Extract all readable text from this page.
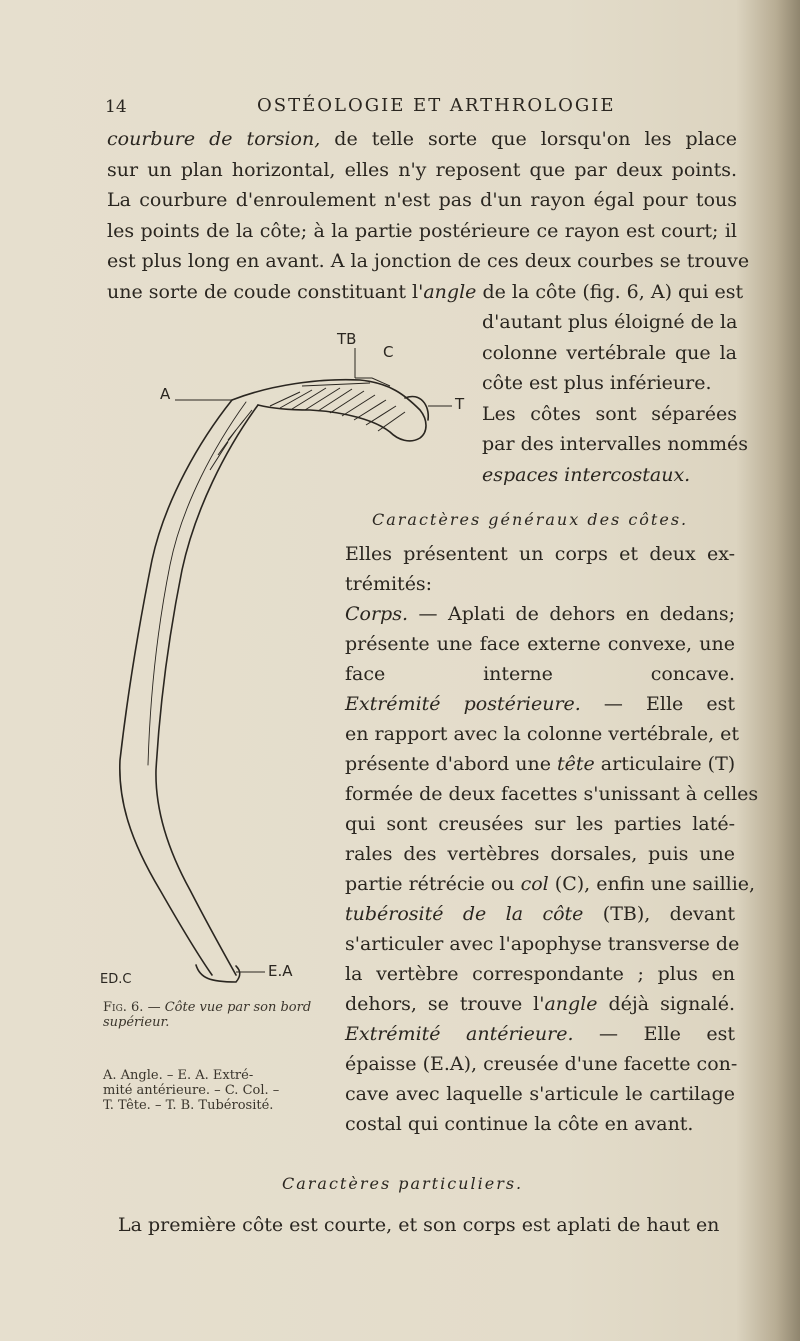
14	OSTÉOLOGIE ET ARTHROLOGIE
courbure de torsion, de telle sorte que lorsqu'on les place
sur un plan horizontal, elles n'y reposent que par deux points.
La courbure d'enroulement n'est pas d'un rayon égal pour tous
les points de la côte; à la partie postérieure ce rayon est court; il
est plus long en avant. A la jonction de ces deux courbes se trouve
une sorte de coude constituant l'angle de la côte (fig. 6, A) qui est
d'autant plus éloigné de la
colonne vertébrale que la
côte est plus inférieure.
Les côtes sont séparées
par des intervalles nommés
espaces intercostaux.
Caractères généraux des côtes.
Elles présentent un corps et deux ex-
trémités:
Corps. — Aplati de dehors en dedans;
présente une face externe convexe, une
face interne concave.
Extrémité postérieure. — Elle est
en rapport avec la colonne vertébrale, et
présente d'abord une tête articulaire (T)
formée de deux facettes s'unissant à celles
qui sont creusées sur les parties laté-
rales des vertèbres dorsales, puis une
partie rétrécie ou col (C), enfin une saillie,
tubérosité de la côte (TB), devant
s'articuler avec l'apophyse transverse de
la vertèbre correspondante ; plus en
dehors, se trouve l'angle déjà signalé.
Extrémité antérieure. — Elle est
épaisse (E.A), creusée d'une facette con-
cave avec laquelle s'articule le cartilage
costal qui continue la côte en avant.
Caractères particuliers.
La première côte est courte, et son corps est aplati de haut en
TB
C
A
T
ED.C	E.A
Fig. 6. — Côte vue par son bord supérieur.
A. Angle. – E. A. Extré-
mité antérieure. – C. Col. –
T. Tête. – T. B. Tubérosité.
